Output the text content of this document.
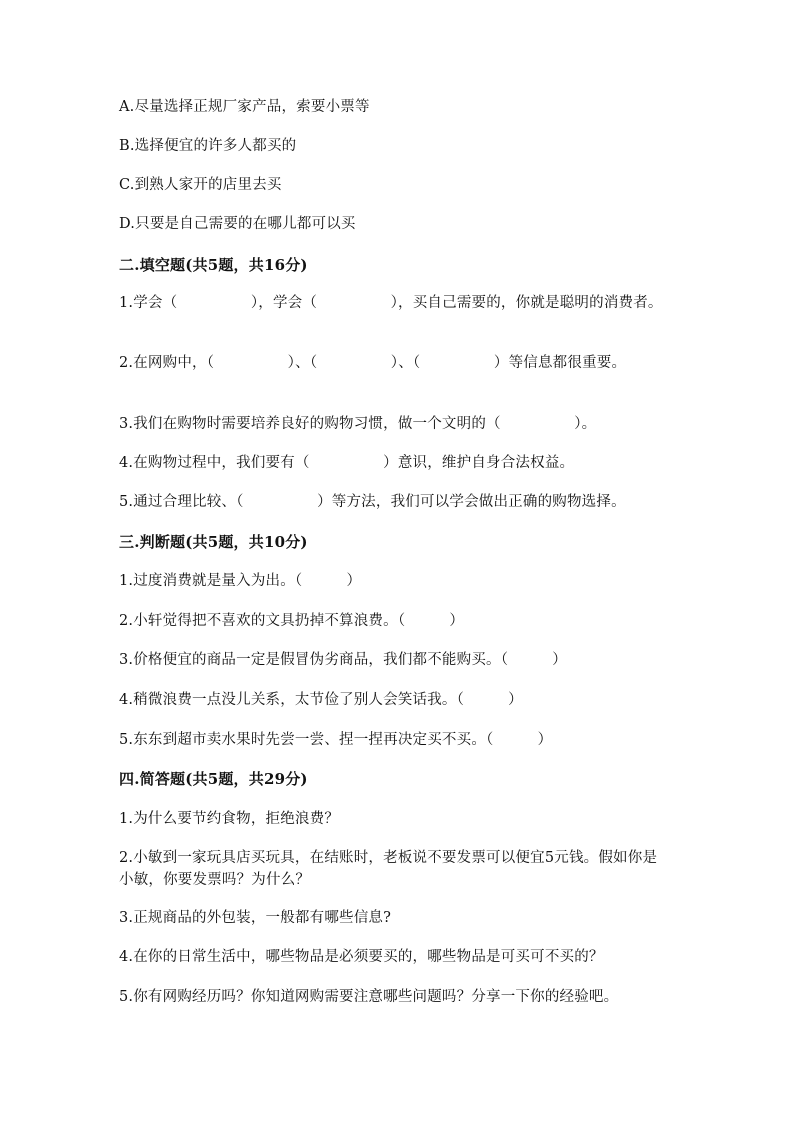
A.尽量选择正规厂家产品，索要小票等
B.选择便宜的许多人都买的
C.到熟人家开的店里去买
D.只要是自己需要的在哪儿都可以买
二.填空题(共5题，共16分)
1.学会（　　　　　），学会（　　　　　），买自己需要的，你就是聪明的消费者。
2.在网购中，（　　　　　）、（　　　　　）、（　　　　　）等信息都很重要。
3.我们在购物时需要培养良好的购物习惯，做一个文明的（　　　　　）。
4.在购物过程中，我们要有（　　　　　）意识，维护自身合法权益。
5.通过合理比较、（　　　　　）等方法，我们可以学会做出正确的购物选择。
三.判断题(共5题，共10分)
1.过度消费就是量入为出。（　　　）
2.小轩觉得把不喜欢的文具扔掉不算浪费。（　　　）
3.价格便宜的商品一定是假冒伪劣商品，我们都不能购买。（　　　）
4.稍微浪费一点没儿关系，太节俭了别人会笑话我。（　　　）
5.东东到超市卖水果时先尝一尝、捏一捏再决定买不买。（　　　）
四.简答题(共5题，共29分)
1.为什么要节约食物，拒绝浪费？
2.小敏到一家玩具店买玩具，在结账时，老板说不要发票可以便宜5元钱。假如你是小敏，你要发票吗？为什么？
3.正规商品的外包装，一般都有哪些信息?
4.在你的日常生活中，哪些物品是必须要买的，哪些物品是可买可不买的？
5.你有网购经历吗？你知道网购需要注意哪些问题吗？分享一下你的经验吧。
